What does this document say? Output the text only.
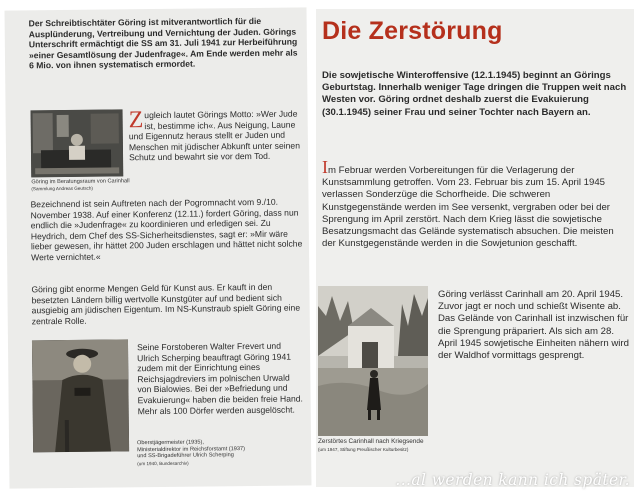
Der Schreibtischtäter Göring ist mitverantwortlich für die Ausplünderung, Vertreibung und Vernichtung der Juden. Görings Unterschrift ermächtigt die SS am 31. Juli 1941 zur Herbeiführung »einer Gesamtlösung der Judenfrage«. Am Ende werden mehr als 6 Mio. von ihnen systematisch ermordet.

Göring im Beratungsraum von Carinhall

(Sammlung Andreas Geutsch)

Zugleich lautet Görings Motto: »Wer Jude ist, bestimme ich«. Aus Neigung, Laune und Eigennutz heraus stellt er Juden und Menschen mit jüdischer Abkunft unter seinen Schutz und bewahrt sie vor dem Tod.

Bezeichnend ist sein Auftreten nach der Pogromnacht vom 9./10. November 1938. Auf einer Konferenz (12.11.) fordert Göring, dass nun endlich die »Judenfrage« zu koordinieren und erledigen sei. Zu Heydrich, dem Chef des SS-Sicherheitsdienstes, sagt er: »Mir wäre lieber gewesen, ihr hättet 200 Juden erschlagen und hättet nicht solche Werte vernichtet.«

Göring gibt enorme Mengen Geld für Kunst aus. Er kauft in den besetzten Ländern billig wertvolle Kunstgüter auf und bedient sich ausgiebig am jüdischen Eigentum. Im NS-Kunstraub spielt Göring eine zentrale Rolle.

Seine Forstoberen Walter Frevert und Ulrich Scherping beauftragt Göring 1941 zudem mit der Einrichtung eines Reichsjagdreviers im polnischen Urwald von Bialowies. Bei der »Befriedung und Evakuierung« haben die beiden freie Hand. Mehr als 100 Dörfer werden ausgelöscht.

Oberstjägermeister (1935), Ministerialdirektor im Reichsforstamt (1937) und SS-Brigadeführer Ulrich Scherping

(um 1940, Bundesarchiv)

Die Zerstörung

Die sowjetische Winteroffensive (12.1.1945) beginnt an Görings Geburtstag. Innerhalb weniger Tage dringen die Truppen weit nach Westen vor. Göring ordnet deshalb zuerst die Evakuierung (30.1.1945) seiner Frau und seiner Tochter nach Bayern an.

Im Februar werden Vorbereitungen für die Verlagerung der Kunstsammlung getroffen. Vom 23. Februar bis zum 15. April 1945 verlassen Sonderzüge die Schorfheide. Die schweren Kunstgegenstände werden im See versenkt, vergraben oder bei der Sprengung im April zerstört. Nach dem Krieg lässt die sowjetische Besatzungsmacht das Gelände systematisch absuchen. Die meisten der Kunstgegenstände werden in die Sowjetunion geschafft.

Zerstörtes Carinhall nach Kriegsende

(um 1947, Stiftung Preußischer Kulturbesitz)

Göring verlässt Carinhall am 20. April 1945. Zuvor jagt er noch und schießt Wisente ab. Das Gelände von Carinhall ist inzwischen für die Sprengung präpariert. Als sich am 28. April 1945 sowjetische Einheiten nähern wird der Waldhof vormittags gesprengt.

...al werden kann ich später.
